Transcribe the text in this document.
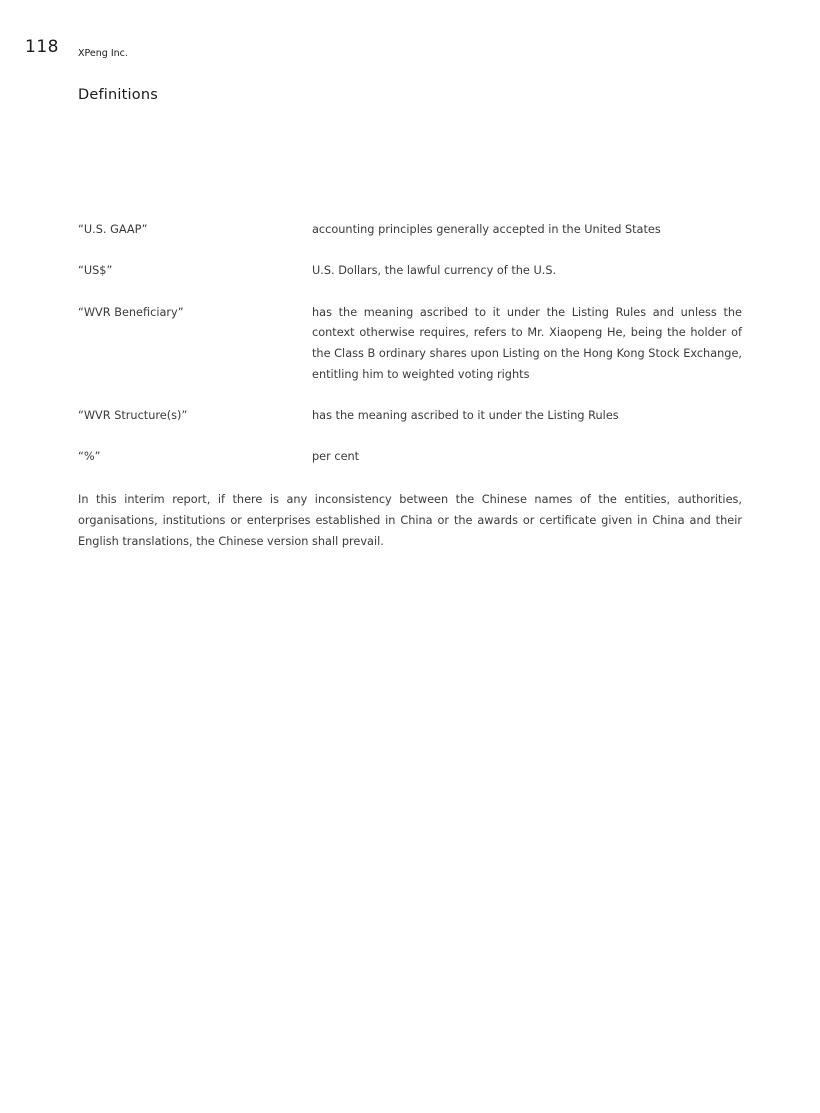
118 XPeng Inc.
Definitions
“U.S. GAAP”	accounting principles generally accepted in the United States
“US$”	U.S. Dollars, the lawful currency of the U.S.
“WVR Beneficiary”	has the meaning ascribed to it under the Listing Rules and unless the context otherwise requires, refers to Mr. Xiaopeng He, being the holder of the Class B ordinary shares upon Listing on the Hong Kong Stock Exchange, entitling him to weighted voting rights
“WVR Structure(s)”	has the meaning ascribed to it under the Listing Rules
“%”	per cent
In this interim report, if there is any inconsistency between the Chinese names of the entities, authorities, organisations, institutions or enterprises established in China or the awards or certificate given in China and their English translations, the Chinese version shall prevail.
